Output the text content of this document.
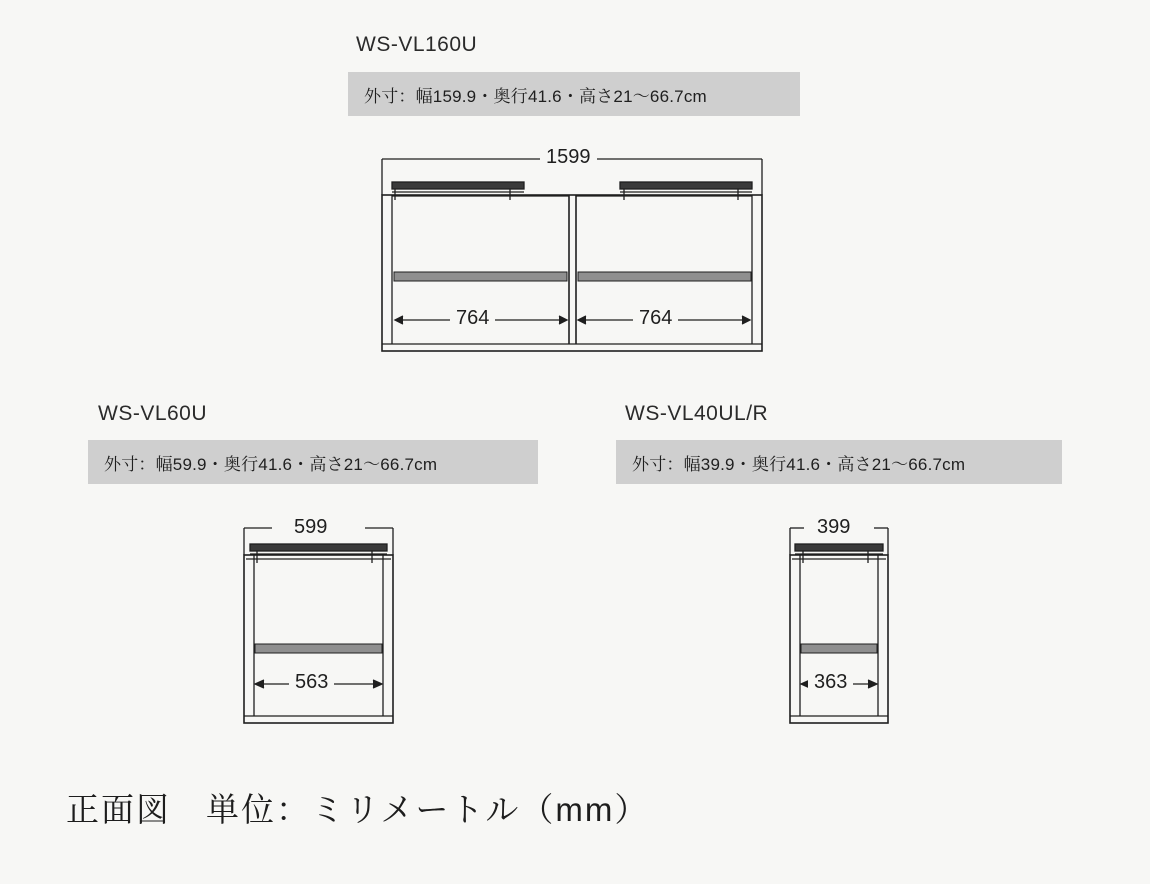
WS-VL160U
外寸：幅159.9・奥行41.6・高さ21〜66.7cm
1599
764	764
WS-VL60U
外寸：幅59.9・奥行41.6・高さ21〜66.7cm
599
563
WS-VL40UL/R
外寸：幅39.9・奥行41.6・高さ21〜66.7cm
399
363
正面図　単位：ミリメートル（mm）
